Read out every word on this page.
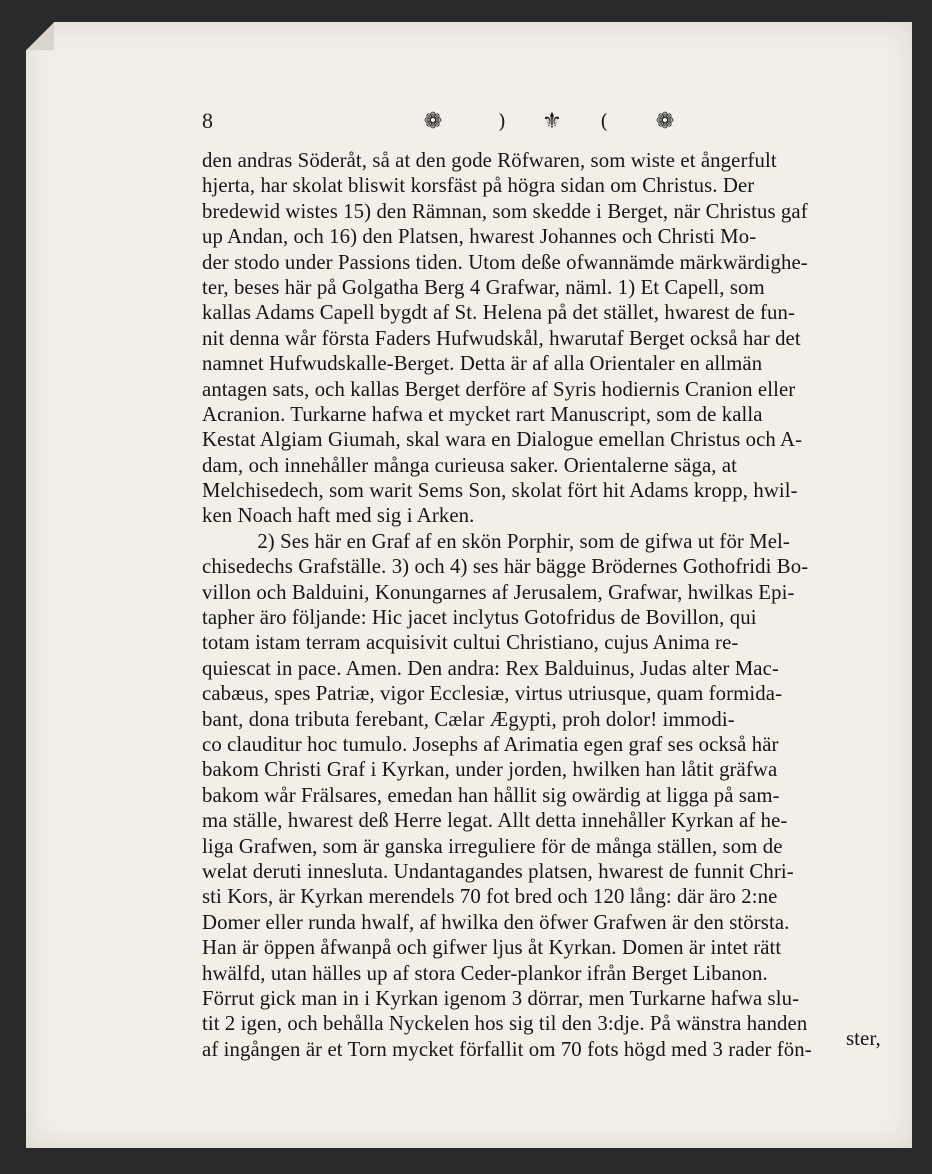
8	❁	) ⚜ ( ❁
den andras Söderåt, så at den gode Röfwaren, som wiste et ångerfult
hjerta, har skolat bliswit korsfäst på högra sidan om Christus. Der
bredewid wistes 15) den Rämnan, som skedde i Berget, när Christus gaf
up Andan, och 16) den Platsen, hwarest Johannes och Christi Mo-
der stodo under Passions tiden. Utom deße ofwannämde märkwärdighe-
ter, beses här på Golgatha Berg 4 Grafwar, näml. 1) Et Capell, som
kallas Adams Capell bygdt af St. Helena på det stället, hwarest de fun-
nit denna wår första Faders Hufwudskål, hwarutaf Berget också har det
namnet Hufwudskalle-Berget. Detta är af alla Orientaler en allmän
antagen sats, och kallas Berget derföre af Syris hodiernis Cranion eller
Acranion. Turkarne hafwa et mycket rart Manuscript, som de kalla
Kestat Algiam Giumah, skal wara en Dialogue emellan Christus och A-
dam, och innehåller många curieusa saker. Orientalerne säga, at
Melchisedech, som warit Sems Son, skolat fört hit Adams kropp, hwil-
ken Noach haft med sig i Arken.
2) Ses här en Graf af en skön Porphir, som de gifwa ut för Mel-
chisedechs Grafställe. 3) och 4) ses här bägge Brödernes Gothofridi Bo-
villon och Balduini, Konungarnes af Jerusalem, Grafwar, hwilkas Epi-
tapher äro följande: Hic jacet inclytus Gotofridus de Bovillon, qui
totam istam terram acquisivit cultui Christiano, cujus Anima re-
quiescat in pace. Amen. Den andra: Rex Balduinus, Judas alter Mac-
cabæus, spes Patriæ, vigor Ecclesiæ, virtus utriusque, quam formida-
bant, dona tributa ferebant, Cælar Ægypti, proh dolor! immodi-
co clauditur hoc tumulo. Josephs af Arimatia egen graf ses också här
bakom Christi Graf i Kyrkan, under jorden, hwilken han låtit gräfwa
bakom wår Frälsares, emedan han hållit sig owärdig at ligga på sam-
ma ställe, hwarest deß Herre legat. Allt detta innehåller Kyrkan af he-
liga Grafwen, som är ganska irreguliere för de många ställen, som de
welat deruti innesluta. Undantagandes platsen, hwarest de funnit Chri-
sti Kors, är Kyrkan merendels 70 fot bred och 120 lång: där äro 2:ne
Domer eller runda hwalf, af hwilka den öfwer Grafwen är den största.
Han är öppen åfwanpå och gifwer ljus åt Kyrkan. Domen är intet rätt
hwälfd, utan hälles up af stora Ceder-plankor ifrån Berget Libanon.
Förrut gick man in i Kyrkan igenom 3 dörrar, men Turkarne hafwa slu-
tit 2 igen, och behålla Nyckelen hos sig til den 3:dje. På wänstra handen
af ingången är et Torn mycket förfallit om 70 fots högd med 3 rader fön-	ster,
